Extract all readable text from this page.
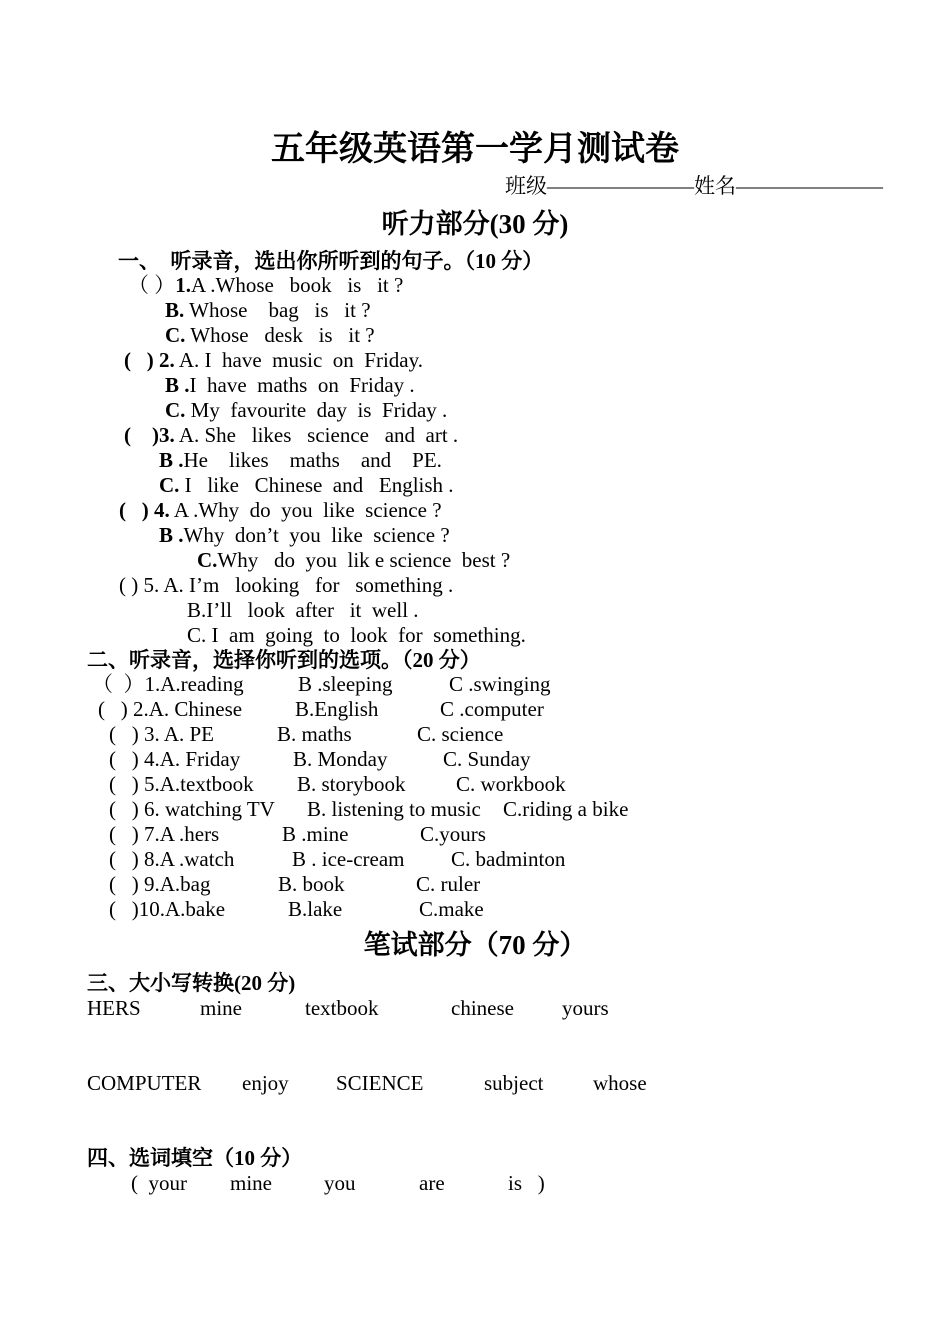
五年级英语第一学月测试卷
班级———————姓名———————
听力部分(30 分)
一、  听录音，选出你所听到的句子。（10 分）
（ ）1.A .Whose   book   is   it ?
B. Whose    bag   is   it ?
C. Whose   desk   is   it ?
(   ) 2. A. I  have  music  on  Friday.
B .I  have  maths  on  Friday .
C. My  favourite  day  is  Friday .
(    )3. A. She   likes   science   and  art .
B .He    likes    maths    and    PE.
C. I   like   Chinese  and   English .
(   ) 4. A .Why  do  you  like  science ?
B .Why  don’t  you  like  science ?
C.Why   do  you  lik e science  best ?
( ) 5. A. I’m   looking   for   something .
B.I’ll   look  after   it  well .
C. I  am  going  to  look  for  something.
二、听录音，选择你听到的选项。（20 分）
（  ）1.A.reading	B .sleeping	C .swinging
(   ) 2.A. Chinese	B.English	C .computer
(   ) 3. A. PE	B. maths	C. science
(   ) 4.A. Friday	B. Monday	C. Sunday
(   ) 5.A.textbook B. storybook C. workbook
(   ) 6. watching TV B. listening to music C.riding a bike
(   ) 7.A .hers	B .mine	C.yours
(   ) 8.A .watch	B . ice-cream C. badminton
(   ) 9.A.bag	B. book	C. ruler
(   )10.A.bake	B.lake	C.make
笔试部分（70 分）
三、大小写转换(20 分)
HERS	mine	textbook	chinese yours
COMPUTER enjoy SCIENCE	subject whose
四、选词填空（10 分）
(  your mine you	are	is   )
